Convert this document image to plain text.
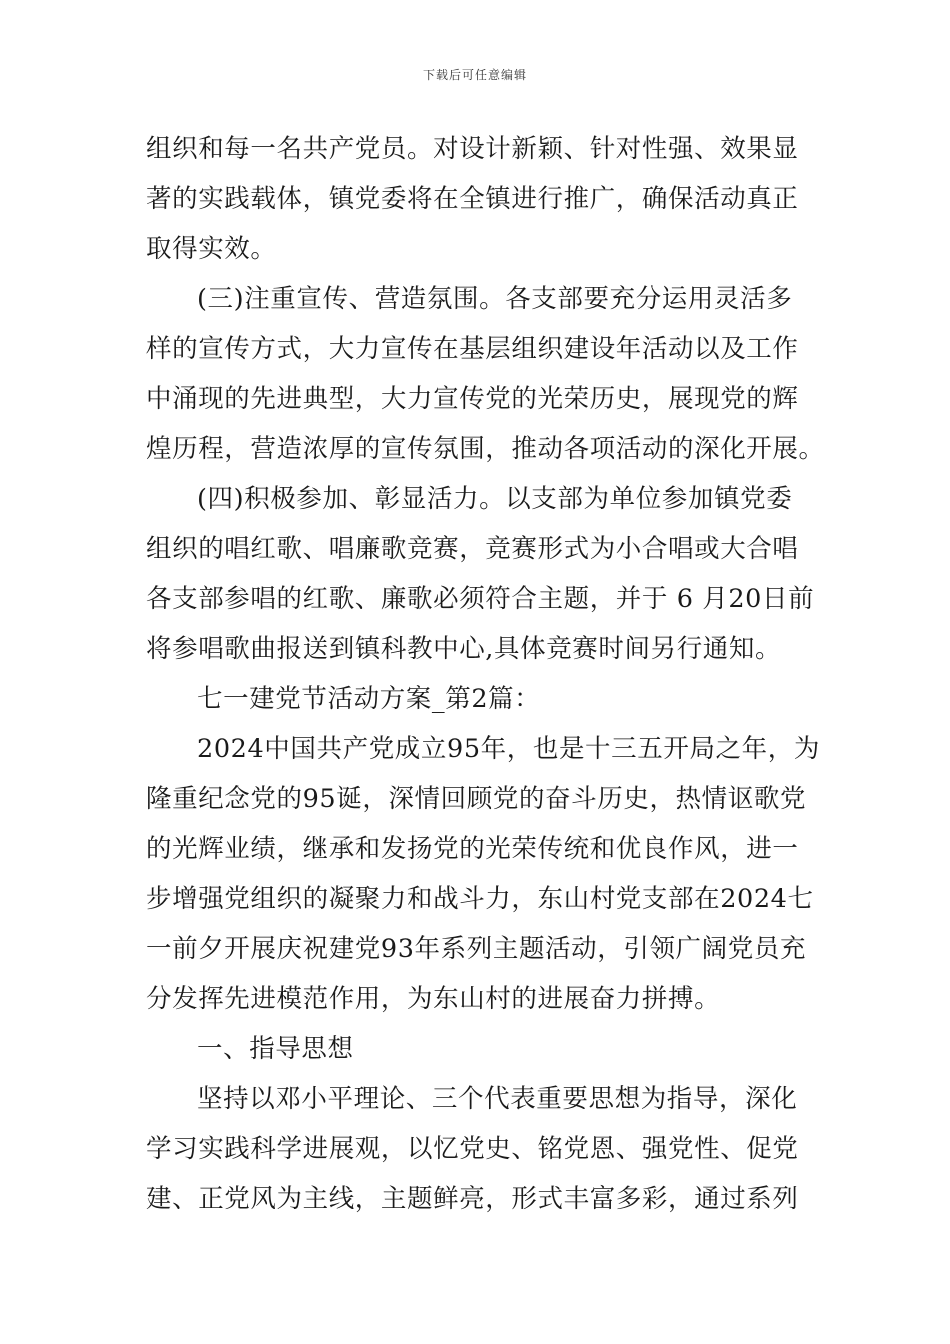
下载后可任意编辑
组织和每一名共产党员。对设计新颖、针对性强、效果显
著的实践载体，镇党委将在全镇进行推广，确保活动真正
取得实效。
(三)注重宣传、营造氛围。各支部要充分运用灵活多
样的宣传方式，大力宣传在基层组织建设年活动以及工作
中涌现的先进典型，大力宣传党的光荣历史，展现党的辉
煌历程，营造浓厚的宣传氛围，推动各项活动的深化开展。
(四)积极参加、彰显活力。以支部为单位参加镇党委
组织的唱红歌、唱廉歌竞赛，竞赛形式为小合唱或大合唱
各支部参唱的红歌、廉歌必须符合主题，并于 6 月20日前
将参唱歌曲报送到镇科教中心,具体竞赛时间另行通知。
七一建党节活动方案_第2篇：
2024中国共产党成立95年，也是十三五开局之年，为
隆重纪念党的95诞，深情回顾党的奋斗历史，热情讴歌党
的光辉业绩，继承和发扬党的光荣传统和优良作风，进一
步增强党组织的凝聚力和战斗力，东山村党支部在2024七
一前夕开展庆祝建党93年系列主题活动，引领广阔党员充
分发挥先进模范作用，为东山村的进展奋力拼搏。
一、指导思想
坚持以邓小平理论、三个代表重要思想为指导，深化
学习实践科学进展观，以忆党史、铭党恩、强党性、促党
建、正党风为主线，主题鲜亮，形式丰富多彩，通过系列
